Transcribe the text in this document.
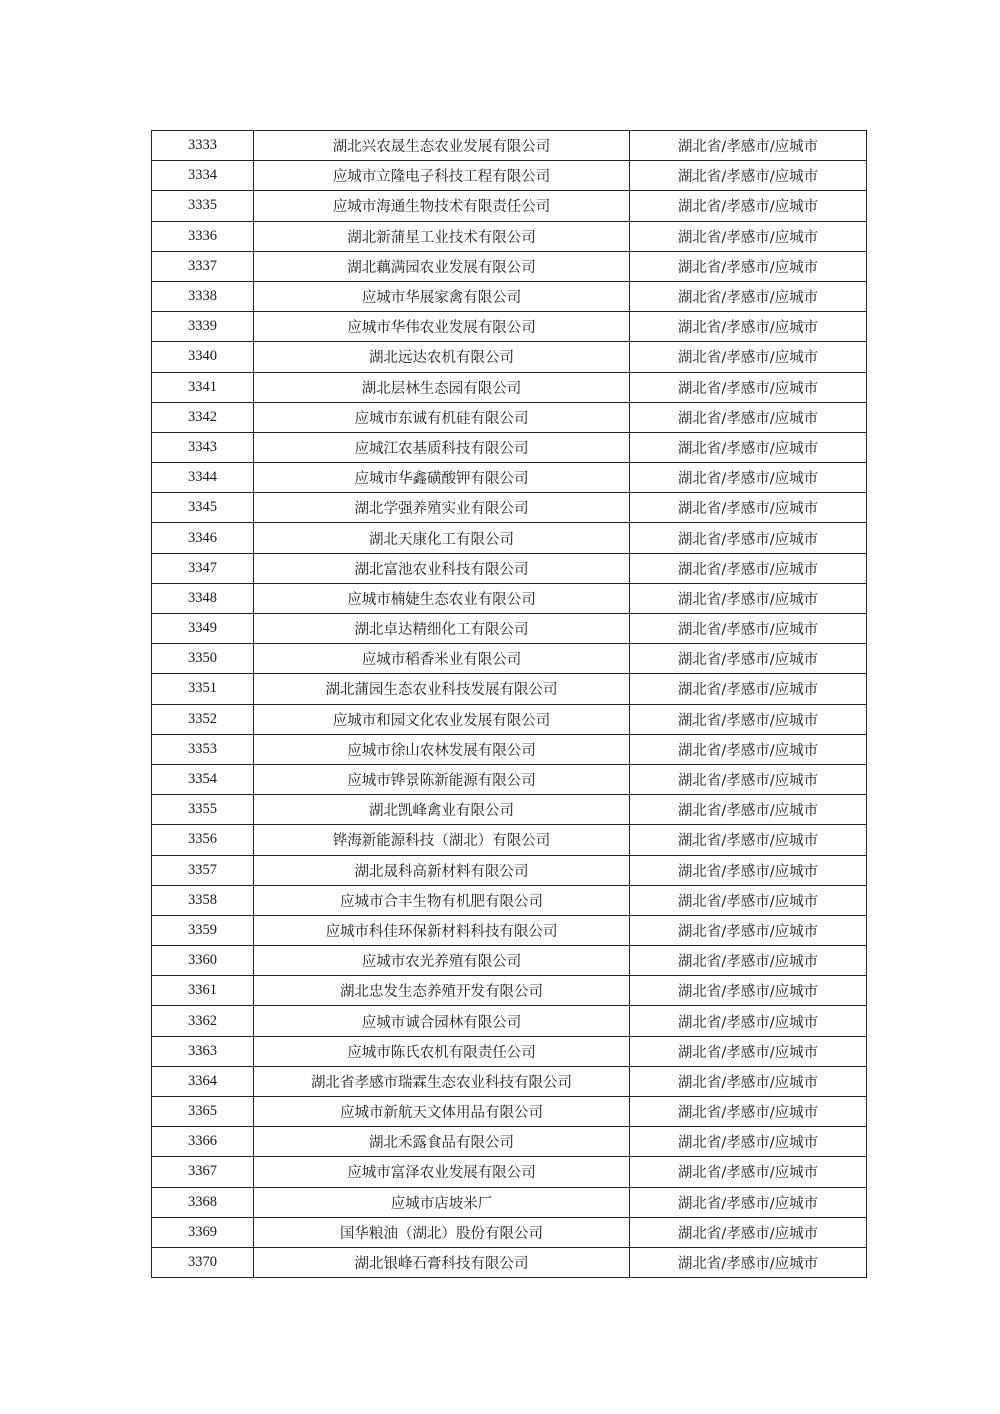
3333	湖北兴农晟生态农业发展有限公司	湖北省/孝感市/应城市
3334	应城市立隆电子科技工程有限公司	湖北省/孝感市/应城市
3335	应城市海通生物技术有限责任公司	湖北省/孝感市/应城市
3336	湖北新蒲星工业技术有限公司	湖北省/孝感市/应城市
3337	湖北藕满园农业发展有限公司	湖北省/孝感市/应城市
3338	应城市华展家禽有限公司	湖北省/孝感市/应城市
3339	应城市华伟农业发展有限公司	湖北省/孝感市/应城市
3340	湖北远达农机有限公司	湖北省/孝感市/应城市
3341	湖北层林生态园有限公司	湖北省/孝感市/应城市
3342	应城市东诚有机硅有限公司	湖北省/孝感市/应城市
3343	应城江农基质科技有限公司	湖北省/孝感市/应城市
3344	应城市华鑫磺酸钾有限公司	湖北省/孝感市/应城市
3345	湖北学强养殖实业有限公司	湖北省/孝感市/应城市
3346	湖北天康化工有限公司	湖北省/孝感市/应城市
3347	湖北富池农业科技有限公司	湖北省/孝感市/应城市
3348	应城市楠婕生态农业有限公司	湖北省/孝感市/应城市
3349	湖北卓达精细化工有限公司	湖北省/孝感市/应城市
3350	应城市稻香米业有限公司	湖北省/孝感市/应城市
3351	湖北蒲园生态农业科技发展有限公司	湖北省/孝感市/应城市
3352	应城市和园文化农业发展有限公司	湖北省/孝感市/应城市
3353	应城市徐山农林发展有限公司	湖北省/孝感市/应城市
3354	应城市铧景陈新能源有限公司	湖北省/孝感市/应城市
3355	湖北凯峰禽业有限公司	湖北省/孝感市/应城市
3356	铧海新能源科技（湖北）有限公司	湖北省/孝感市/应城市
3357	湖北晟科高新材料有限公司	湖北省/孝感市/应城市
3358	应城市合丰生物有机肥有限公司	湖北省/孝感市/应城市
3359	应城市科佳环保新材料科技有限公司	湖北省/孝感市/应城市
3360	应城市农光养殖有限公司	湖北省/孝感市/应城市
3361	湖北忠发生态养殖开发有限公司	湖北省/孝感市/应城市
3362	应城市诚合园林有限公司	湖北省/孝感市/应城市
3363	应城市陈氏农机有限责任公司	湖北省/孝感市/应城市
3364	湖北省孝感市瑞霖生态农业科技有限公司	湖北省/孝感市/应城市
3365	应城市新航天文体用品有限公司	湖北省/孝感市/应城市
3366	湖北禾露食品有限公司	湖北省/孝感市/应城市
3367	应城市富泽农业发展有限公司	湖北省/孝感市/应城市
3368	应城市店坡米厂	湖北省/孝感市/应城市
3369	国华粮油（湖北）股份有限公司	湖北省/孝感市/应城市
3370	湖北银峰石膏科技有限公司	湖北省/孝感市/应城市
